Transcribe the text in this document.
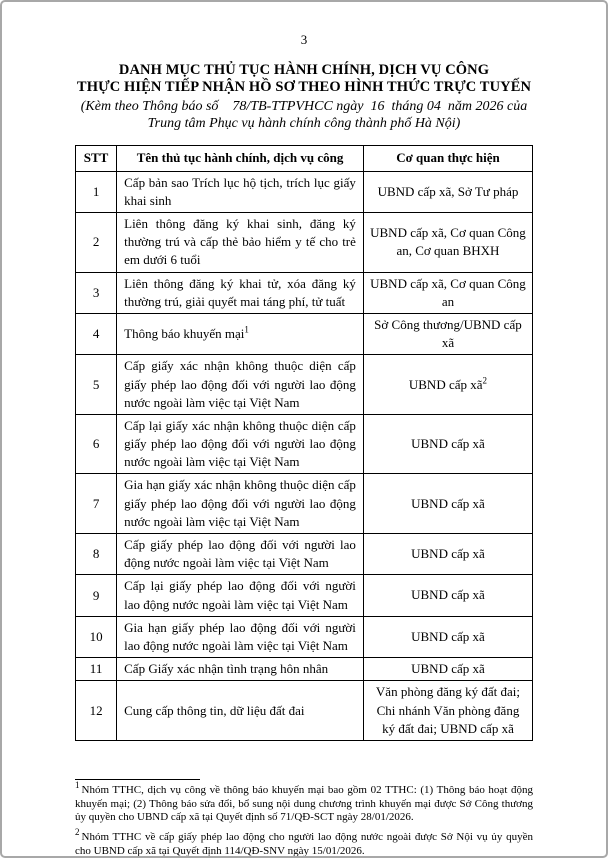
3
DANH MỤC THỦ TỤC HÀNH CHÍNH, DỊCH VỤ CÔNG
THỰC HIỆN TIẾP NHẬN HỒ SƠ THEO HÌNH THỨC TRỰC TUYẾN
(Kèm theo Thông báo số    78/TB-TTPVHCC ngày  16  tháng 04  năm 2026 của
Trung tâm Phục vụ hành chính công thành phố Hà Nội)
STT	Tên thủ tục hành chính, dịch vụ công	Cơ quan thực hiện
1	Cấp bản sao Trích lục hộ tịch, trích lục giấy khai sinh	UBND cấp xã, Sở Tư pháp
2	Liên thông đăng ký khai sinh, đăng ký thường trú và cấp thẻ bảo hiểm y tế cho trẻ em dưới 6 tuổi	UBND cấp xã, Cơ quan Công an, Cơ quan BHXH
3	Liên thông đăng ký khai tử, xóa đăng ký thường trú, giải quyết mai táng phí, tử tuất	UBND cấp xã, Cơ quan Công an
4	Thông báo khuyến mại$^1$	Sở Công thương/UBND cấp xã
5	Cấp giấy xác nhận không thuộc diện cấp giấy phép lao động đối với người lao động nước ngoài làm việc tại Việt Nam	UBND cấp $xã^2$
6	Cấp lại giấy xác nhận không thuộc diện cấp giấy phép lao động đối với người lao động nước ngoài làm việc tại Việt Nam	UBND cấp xã
7	Gia hạn giấy xác nhận không thuộc diện cấp giấy phép lao động đối với người lao động nước ngoài làm việc tại Việt Nam	UBND cấp xã
8	Cấp giấy phép lao động đối với người lao động nước ngoài làm việc tại Việt Nam	UBND cấp xã
9	Cấp lại giấy phép lao động đối với người lao động nước ngoài làm việc tại Việt Nam	UBND cấp xã
10	Gia hạn giấy phép lao động đối với người lao động nước ngoài làm việc tại Việt Nam	UBND cấp xã
11	Cấp Giấy xác nhận tình trạng hôn nhân	UBND cấp xã
12	Cung cấp thông tin, dữ liệu đất đai	Văn phòng đăng ký đất đai; Chi nhánh Văn phòng đăng ký đất đai; UBND cấp xã
$^1$ Nhóm TTHC, dịch vụ công về thông báo khuyến mại bao gồm 02 TTHC: (1) Thông báo hoạt động khuyến mại; (2) Thông báo sửa đổi, bổ sung nội dung chương trình khuyến mại được Sở Công thương ủy quyền cho UBND cấp xã tại Quyết định số 71/QĐ-SCT ngày 28/01/2026.
$^2$ Nhóm TTHC về cấp giấy phép lao động cho người lao động nước ngoài được Sở Nội vụ ủy quyền cho UBND cấp xã tại Quyết định 114/QĐ-SNV ngày 15/01/2026.
